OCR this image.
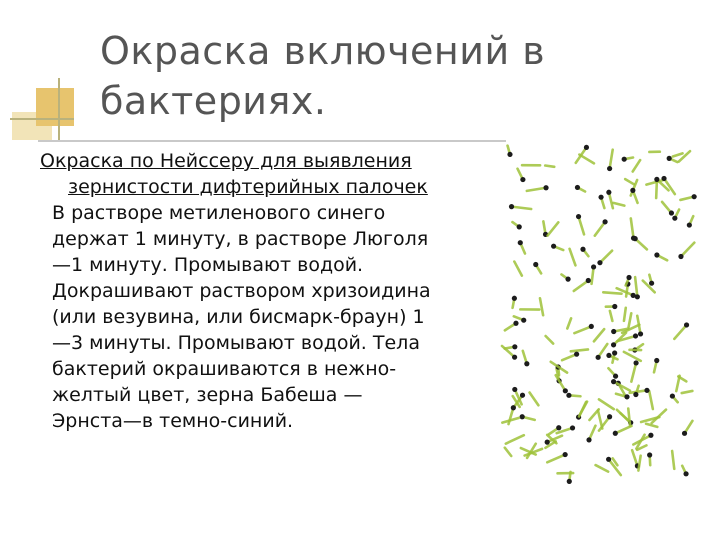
Окраска включений в
бактериях.
Окраска по Нейссеру для выявления
зернистости дифтерийных палочек
В растворе метиленового синего
держат 1 минуту, в растворе Люголя
—1 минуту. Промывают водой.
Докрашивают раствором хризоидина
(или везувина, или бисмарк-браун) 1
—3 минуты. Промывают водой. Тела
бактерий окрашиваются в нежно-
желтый цвет, зерна Бабеша —
Эрнста—в темно-синий.
